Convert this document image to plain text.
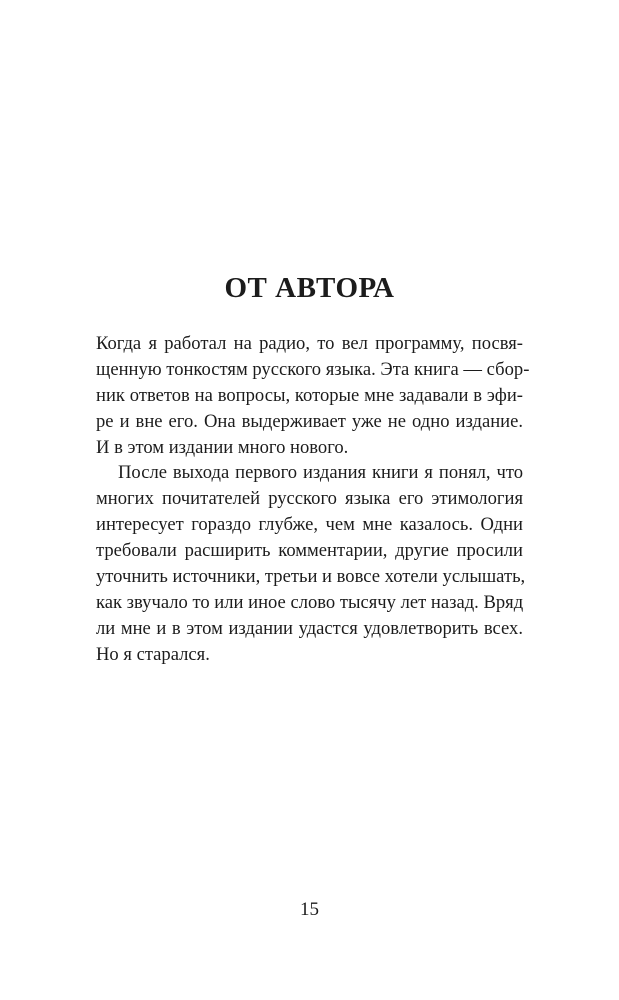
ОТ АВТОРА
Когда я работал на радио, то вел программу, посвя-
щенную тонкостям русского языка. Эта книга — сбор-
ник ответов на вопросы, которые мне задавали в эфи-
ре и вне его. Она выдерживает уже не одно издание.
И в этом издании много нового.
После выхода первого издания книги я понял, что
многих почитателей русского языка его этимология
интересует гораздо глубже, чем мне казалось. Одни
требовали расширить комментарии, другие просили
уточнить источники, третьи и вовсе хотели услышать,
как звучало то или иное слово тысячу лет назад. Вряд
ли мне и в этом издании удастся удовлетворить всех.
Но я старался.
15
